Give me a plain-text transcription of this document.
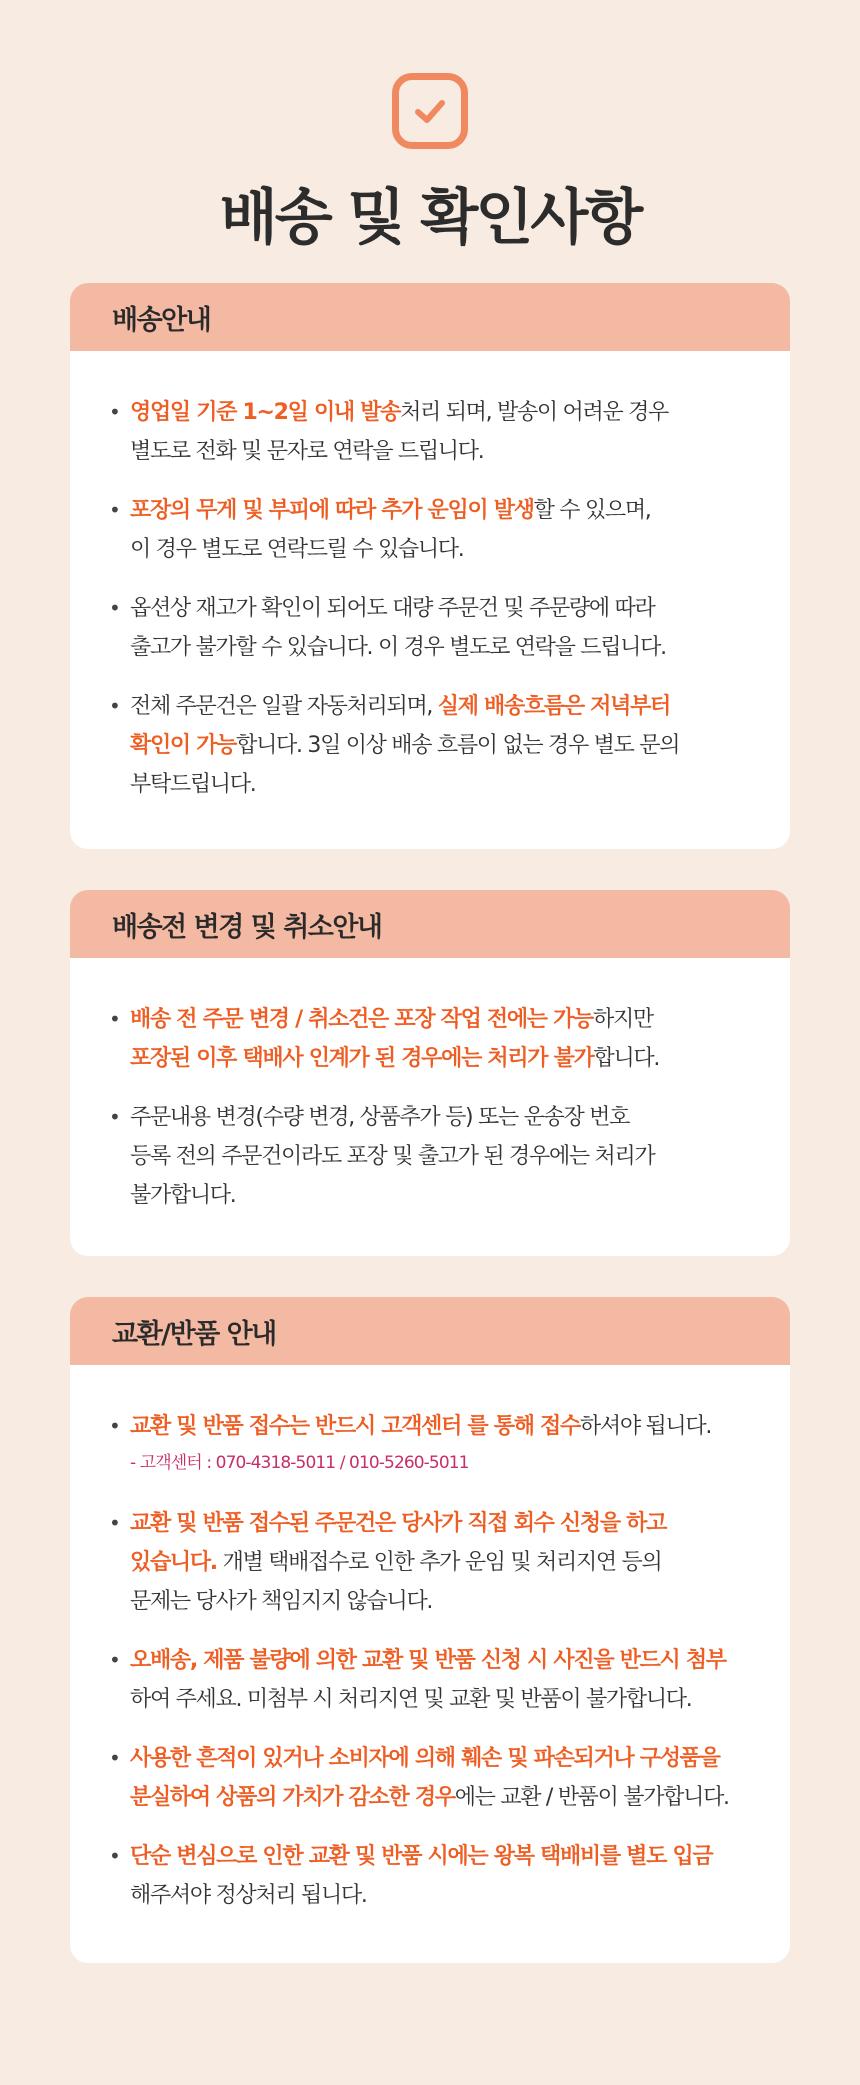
배송 및 확인사항
배송안내
• 영업일 기준 1~2일 이내 발송처리 되며, 발송이 어려운 경우
별도로 전화 및 문자로 연락을 드립니다.
• 포장의 무게 및 부피에 따라 추가 운임이 발생할 수 있으며,
이 경우 별도로 연락드릴 수 있습니다.
• 옵션상 재고가 확인이 되어도 대량 주문건 및 주문량에 따라
출고가 불가할 수 있습니다. 이 경우 별도로 연락을 드립니다.
• 전체 주문건은 일괄 자동처리되며, 실제 배송흐름은 저녁부터
확인이 가능합니다. 3일 이상 배송 흐름이 없는 경우 별도 문의
부탁드립니다.
배송전 변경 및 취소안내
• 배송 전 주문 변경 / 취소건은 포장 작업 전에는 가능하지만
포장된 이후 택배사 인계가 된 경우에는 처리가 불가합니다.
• 주문내용 변경(수량 변경, 상품추가 등) 또는 운송장 번호
등록 전의 주문건이라도 포장 및 출고가 된 경우에는 처리가
불가합니다.
교환/반품 안내
• 교환 및 반품 접수는 반드시 고객센터 를 통해 접수하셔야 됩니다.
- 고객센터 : 070-4318-5011 / 010-5260-5011
• 교환 및 반품 접수된 주문건은 당사가 직접 회수 신청을 하고
있습니다. 개별 택배접수로 인한 추가 운임 및 처리지연 등의
문제는 당사가 책임지지 않습니다.
• 오배송, 제품 불량에 의한 교환 및 반품 신청 시 사진을 반드시 첨부
하여 주세요. 미첨부 시 처리지연 및 교환 및 반품이 불가합니다.
• 사용한 흔적이 있거나 소비자에 의해 훼손 및 파손되거나 구성품을
분실하여 상품의 가치가 감소한 경우에는 교환 / 반품이 불가합니다.
• 단순 변심으로 인한 교환 및 반품 시에는 왕복 택배비를 별도 입금
해주셔야 정상처리 됩니다.
